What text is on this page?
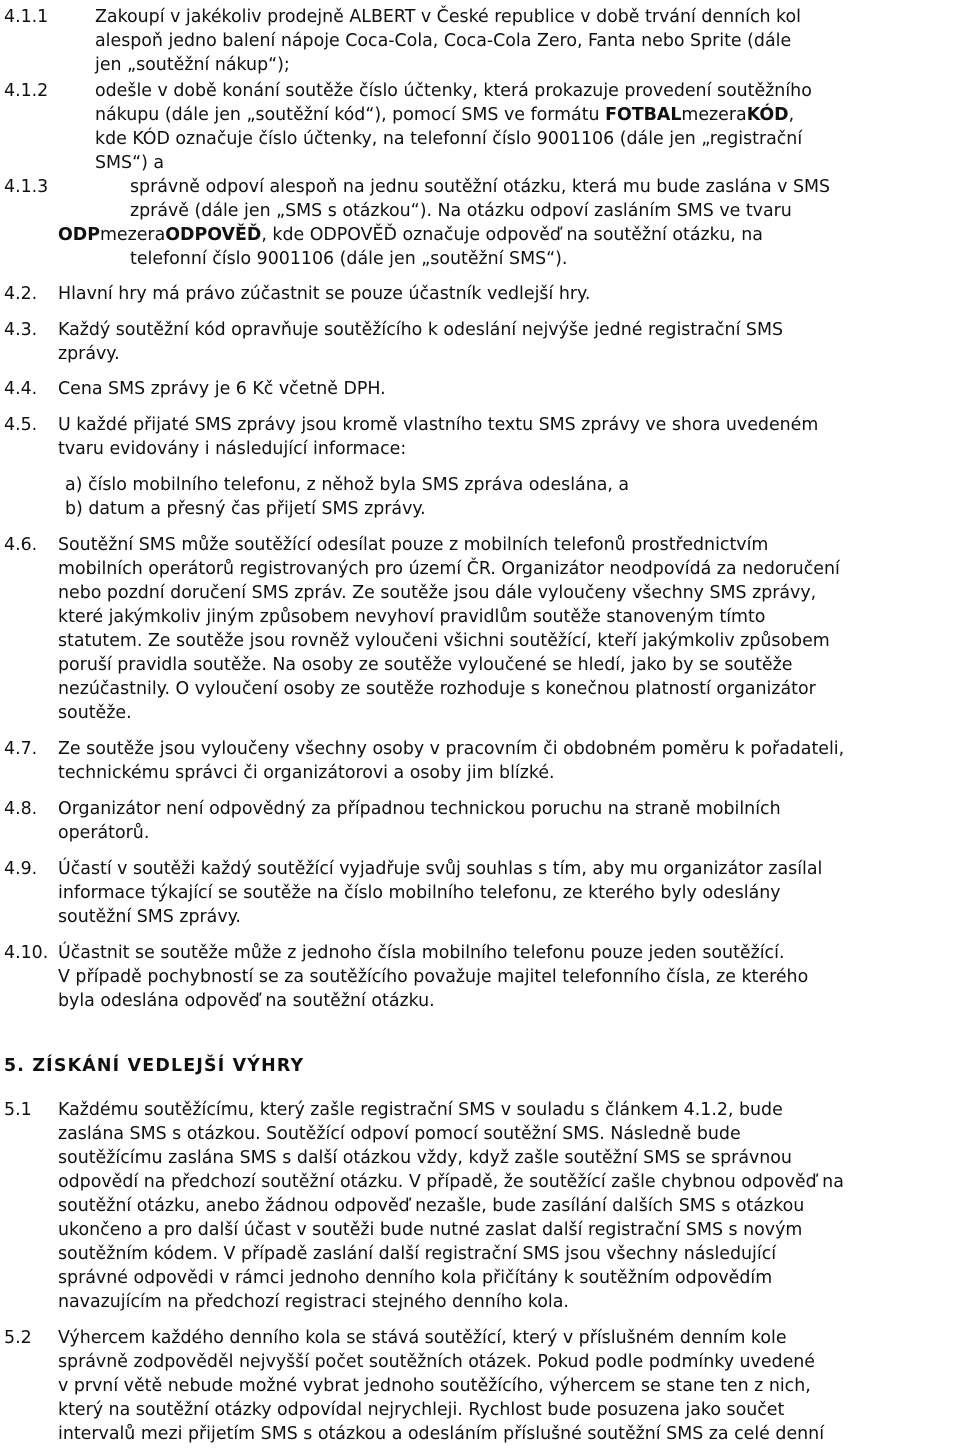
4.1.1	Zakoupí v jakékoliv prodejně ALBERT v České republice v době trvání denních kol
alespoň jedno balení nápoje Coca-Cola, Coca-Cola Zero, Fanta nebo Sprite (dále
jen „soutěžní nákup“);
4.1.2	odešle v době konání soutěže číslo účtenky, která prokazuje provedení soutěžního
nákupu (dále jen „soutěžní kód“), pomocí SMS ve formátu FOTBALmezeraKÓD,
kde KÓD označuje číslo účtenky, na telefonní číslo 9001106 (dále jen „registrační
SMS“) a
4.1.3	správně odpoví alespoň na jednu soutěžní otázku, která mu bude zaslána v SMS
zprávě (dále jen „SMS s otázkou“). Na otázku odpoví zasláním SMS ve tvaru
ODPmezeraODPOVĚĎ, kde ODPOVĚĎ označuje odpověď na soutěžní otázku, na
telefonní číslo 9001106 (dále jen „soutěžní SMS“).
4.2. Hlavní hry má právo zúčastnit se pouze účastník vedlejší hry.
4.3. Každý soutěžní kód opravňuje soutěžícího k odeslání nejvýše jedné registrační SMS
zprávy.
4.4. Cena SMS zprávy je 6 Kč včetně DPH.
4.5. U každé přijaté SMS zprávy jsou kromě vlastního textu SMS zprávy ve shora uvedeném
tvaru evidovány i následující informace:
a) číslo mobilního telefonu, z něhož byla SMS zpráva odeslána, a
b) datum a přesný čas přijetí SMS zprávy.
4.6. Soutěžní SMS může soutěžící odesílat pouze z mobilních telefonů prostřednictvím
mobilních operátorů registrovaných pro území ČR. Organizátor neodpovídá za nedoručení
nebo pozdní doručení SMS zpráv. Ze soutěže jsou dále vyloučeny všechny SMS zprávy,
které jakýmkoliv jiným způsobem nevyhoví pravidlům soutěže stanoveným tímto
statutem. Ze soutěže jsou rovněž vyloučeni všichni soutěžící, kteří jakýmkoliv způsobem
poruší pravidla soutěže. Na osoby ze soutěže vyloučené se hledí, jako by se soutěže
nezúčastnily. O vyloučení osoby ze soutěže rozhoduje s konečnou platností organizátor
soutěže.
4.7. Ze soutěže jsou vyloučeny všechny osoby v pracovním či obdobném poměru k pořadateli,
technickému správci či organizátorovi a osoby jim blízké.
4.8. Organizátor není odpovědný za případnou technickou poruchu na straně mobilních
operátorů.
4.9. Účastí v soutěži každý soutěžící vyjadřuje svůj souhlas s tím, aby mu organizátor zasílal
informace týkající se soutěže na číslo mobilního telefonu, ze kterého byly odeslány
soutěžní SMS zprávy.
4.10. Účastnit se soutěže může z jednoho čísla mobilního telefonu pouze jeden soutěžící.
V případě pochybností se za soutěžícího považuje majitel telefonního čísla, ze kterého
byla odeslána odpověď na soutěžní otázku.
5.1 Každému soutěžícímu, který zašle registrační SMS v souladu s článkem 4.1.2, bude
zaslána SMS s otázkou. Soutěžící odpoví pomocí soutěžní SMS. Následně bude
soutěžícímu zaslána SMS s další otázkou vždy, když zašle soutěžní SMS se správnou
odpovědí na předchozí soutěžní otázku. V případě, že soutěžící zašle chybnou odpověď na
soutěžní otázku, anebo žádnou odpověď nezašle, bude zasílání dalších SMS s otázkou
ukončeno a pro další účast v soutěži bude nutné zaslat další registrační SMS s novým
soutěžním kódem. V případě zaslání další registrační SMS jsou všechny následující
správné odpovědi v rámci jednoho denního kola přičítány k soutěžním odpovědím
navazujícím na předchozí registraci stejného denního kola.
5.2 Výhercem každého denního kola se stává soutěžící, který v příslušném denním kole
správně zodpověděl nejvyšší počet soutěžních otázek. Pokud podle podmínky uvedené
v první větě nebude možné vybrat jednoho soutěžícího, výhercem se stane ten z nich,
který na soutěžní otázky odpovídal nejrychleji. Rychlost bude posuzena jako součet
intervalů mezi přijetím SMS s otázkou a odesláním příslušné soutěžní SMS za celé denní
5. ZÍSKÁNÍ VEDLEJŠÍ VÝHRY
